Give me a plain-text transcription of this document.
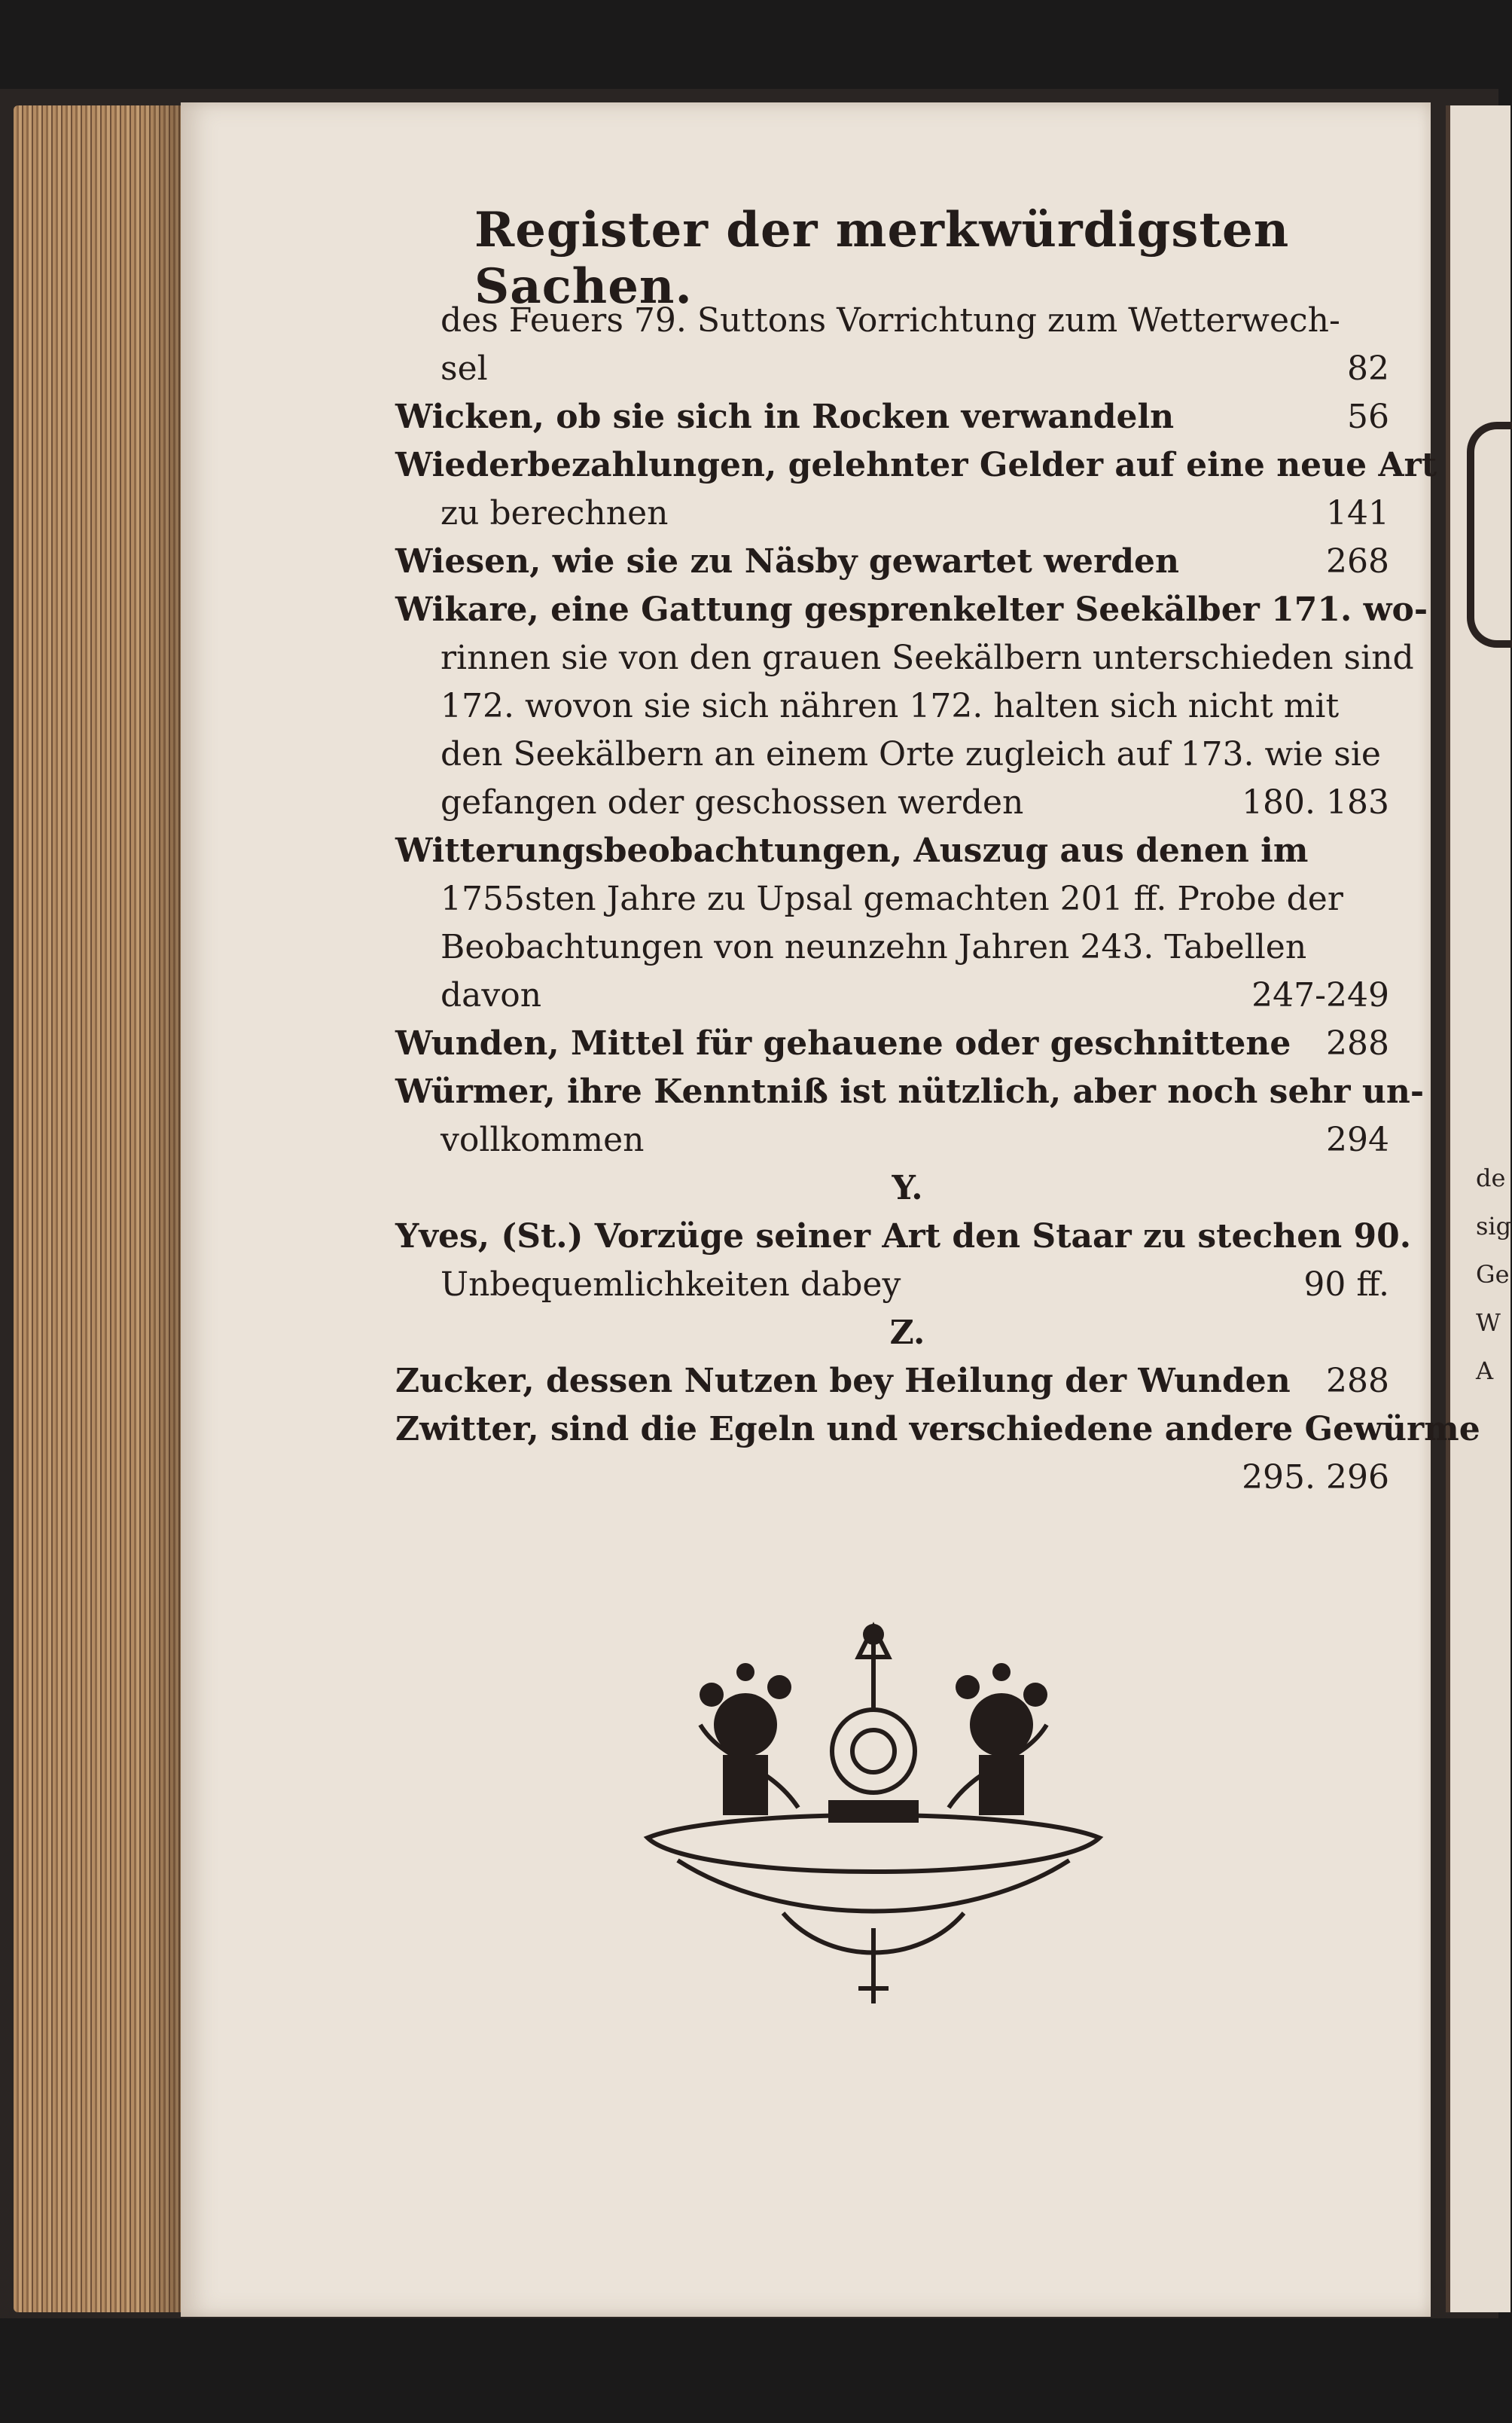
de
sig
Ge
W
A
Register der merkwürdigsten Sachen.
des Feuers 79. Suttons Vorrichtung zum Wetterwech-
sel	82
Wicken, ob sie sich in Rocken verwandeln	56
Wiederbezahlungen, gelehnter Gelder auf eine neue Art
zu berechnen	141
Wiesen, wie sie zu Näsby gewartet werden	268
Wikare, eine Gattung gesprenkelter Seekälber 171. wo-
rinnen sie von den grauen Seekälbern unterschieden sind
172. wovon sie sich nähren 172. halten sich nicht mit
den Seekälbern an einem Orte zugleich auf 173. wie sie
gefangen oder geschossen werden	180. 183
Witterungsbeobachtungen, Auszug aus denen im
1755sten Jahre zu Upsal gemachten 201 ff. Probe der
Beobachtungen von neunzehn Jahren 243. Tabellen
davon	247-249
Wunden, Mittel für gehauene oder geschnittene 288
Würmer, ihre Kenntniß ist nützlich, aber noch sehr un-
vollkommen	294
Y.
Yves, (St.) Vorzüge seiner Art den Staar zu stechen 90.
Unbequemlichkeiten dabey	90 ff.
Z.
Zucker, dessen Nutzen bey Heilung der Wunden 288
Zwitter, sind die Egeln und verschiedene andere Gewürme
295. 296
